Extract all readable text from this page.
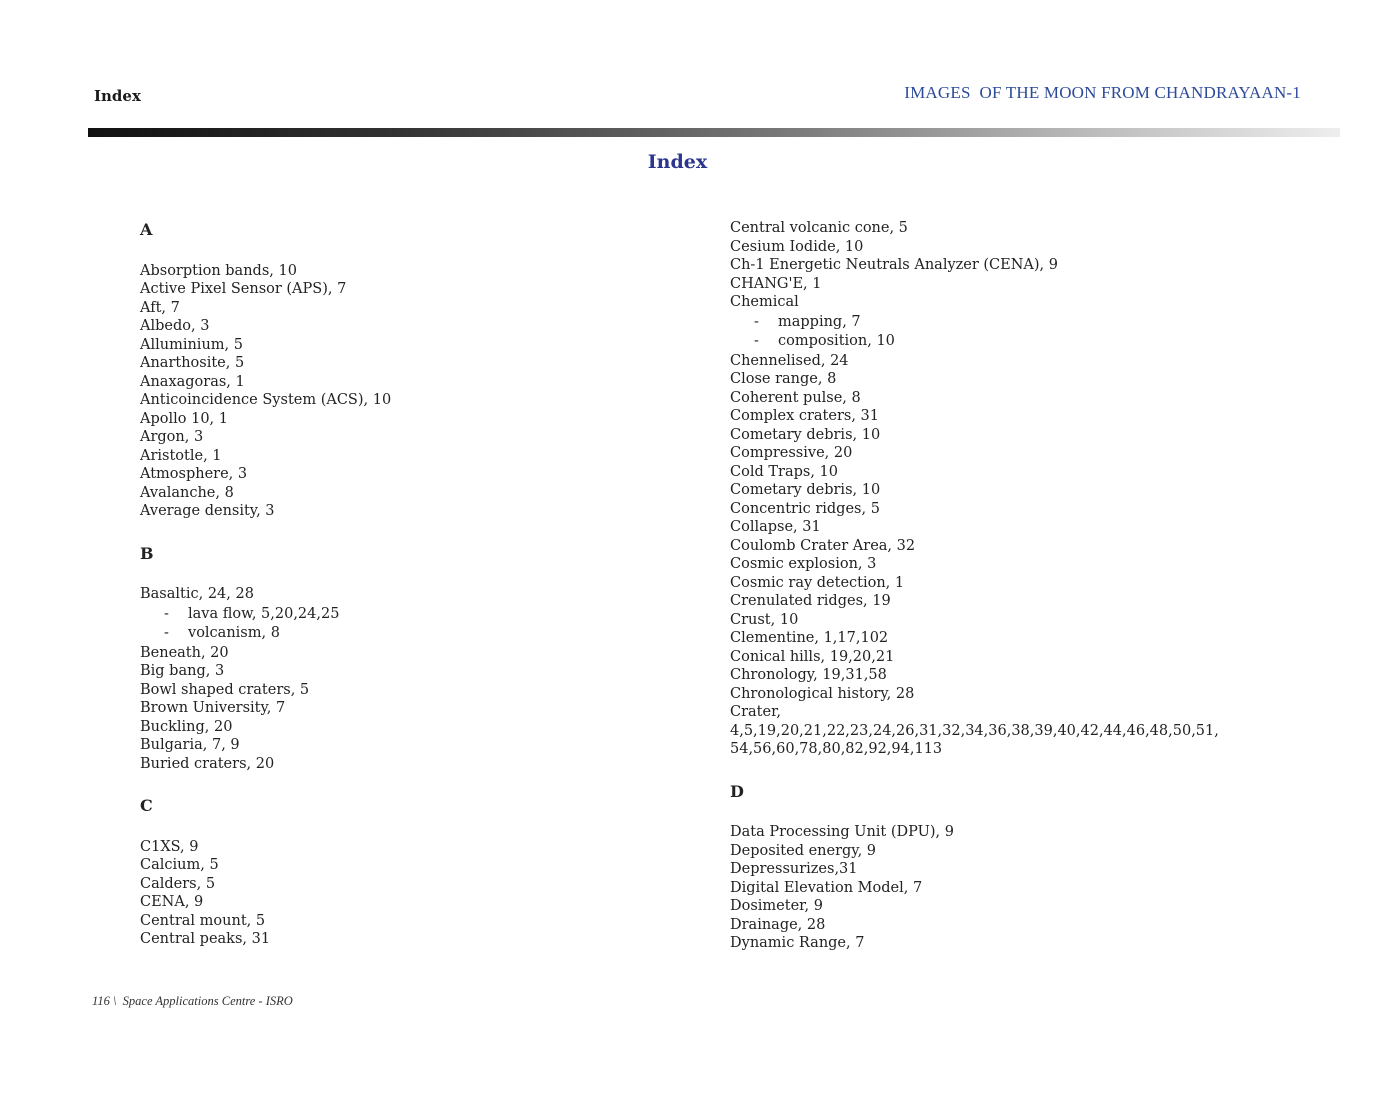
Index	IMAGES  OF THE MOON FROM CHANDRAYAAN-1
Index
A
Absorption bands, 10
Active Pixel Sensor (APS), 7
Aft, 7
Albedo, 3
Alluminium, 5
Anarthosite, 5
Anaxagoras, 1
Anticoincidence System (ACS), 10
Apollo 10, 1
Argon, 3
Aristotle, 1
Atmosphere, 3
Avalanche, 8
Average density, 3
B
Basaltic, 24, 28
- lava flow, 5,20,24,25
- volcanism, 8
Beneath, 20
Big bang, 3
Bowl shaped craters, 5
Brown University, 7
Buckling, 20
Bulgaria, 7, 9
Buried craters, 20
C
C1XS, 9
Calcium, 5
Calders, 5
CENA, 9
Central mount, 5
Central peaks, 31
Central volcanic cone, 5
Cesium Iodide, 10
Ch-1 Energetic Neutrals Analyzer (CENA), 9
CHANG'E, 1
Chemical
- mapping, 7
- composition, 10
Chennelised, 24
Close range, 8
Coherent pulse, 8
Complex craters, 31
Cometary debris, 10
Compressive, 20
Cold Traps, 10
Cometary debris, 10
Concentric ridges, 5
Collapse, 31
Coulomb Crater Area, 32
Cosmic explosion, 3
Cosmic ray detection, 1
Crenulated ridges, 19
Crust, 10
Clementine, 1,17,102
Conical hills, 19,20,21
Chronology, 19,31,58
Chronological history, 28
Crater, 4,5,19,20,21,22,23,24,26,31,32,34,36,38,39,40,42,44,46,48,50,51, 54,56,60,78,80,82,92,94,113
D
Data Processing Unit (DPU), 9
Deposited energy, 9
Depressurizes,31
Digital Elevation Model, 7
Dosimeter, 9
Drainage, 28
Dynamic Range, 7
116 \  Space Applications Centre - ISRO
